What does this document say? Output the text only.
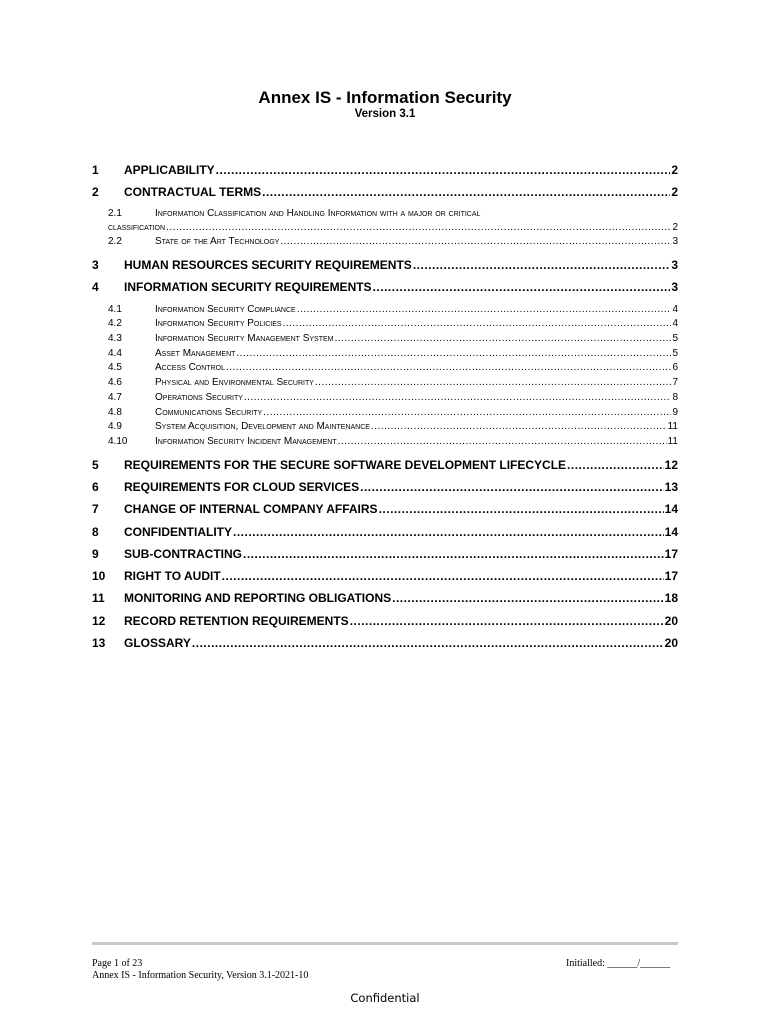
Annex IS - Information Security
Version 3.1
1	APPLICABILITY .....	2
2	CONTRACTUAL TERMS .....	2
2.1	Information Classification and Handling Information with a major or critical
classification .....	2
2.2	State of the Art Technology .....	3
3	HUMAN RESOURCES SECURITY REQUIREMENTS .....	3
4	INFORMATION SECURITY REQUIREMENTS .....	3
4.1	Information Security Compliance .....	4
4.2	Information Security Policies .....	4
4.3	Information Security Management System .....	5
4.4	Asset Management .....	5
4.5	Access Control .....	6
4.6	Physical and Environmental Security .....	7
4.7	Operations Security .....	8
4.8	Communications Security .....	9
4.9	System Acquisition, Development and Maintenance .....	11
4.10	Information Security Incident Management .....	11
5	REQUIREMENTS FOR THE SECURE SOFTWARE DEVELOPMENT LIFECYCLE .....	12
6	REQUIREMENTS FOR CLOUD SERVICES .....	13
7	CHANGE OF INTERNAL COMPANY AFFAIRS .....	14
8	CONFIDENTIALITY .....	14
9	SUB-CONTRACTING .....	17
10	RIGHT TO AUDIT .....	17
11	MONITORING AND REPORTING OBLIGATIONS .....	18
12	RECORD RETENTION REQUIREMENTS .....	20
13	GLOSSARY .....	20
Page 1 of 23
Annex IS - Information Security, Version 3.1-2021-10
Initialled: ______/______
Confidential
